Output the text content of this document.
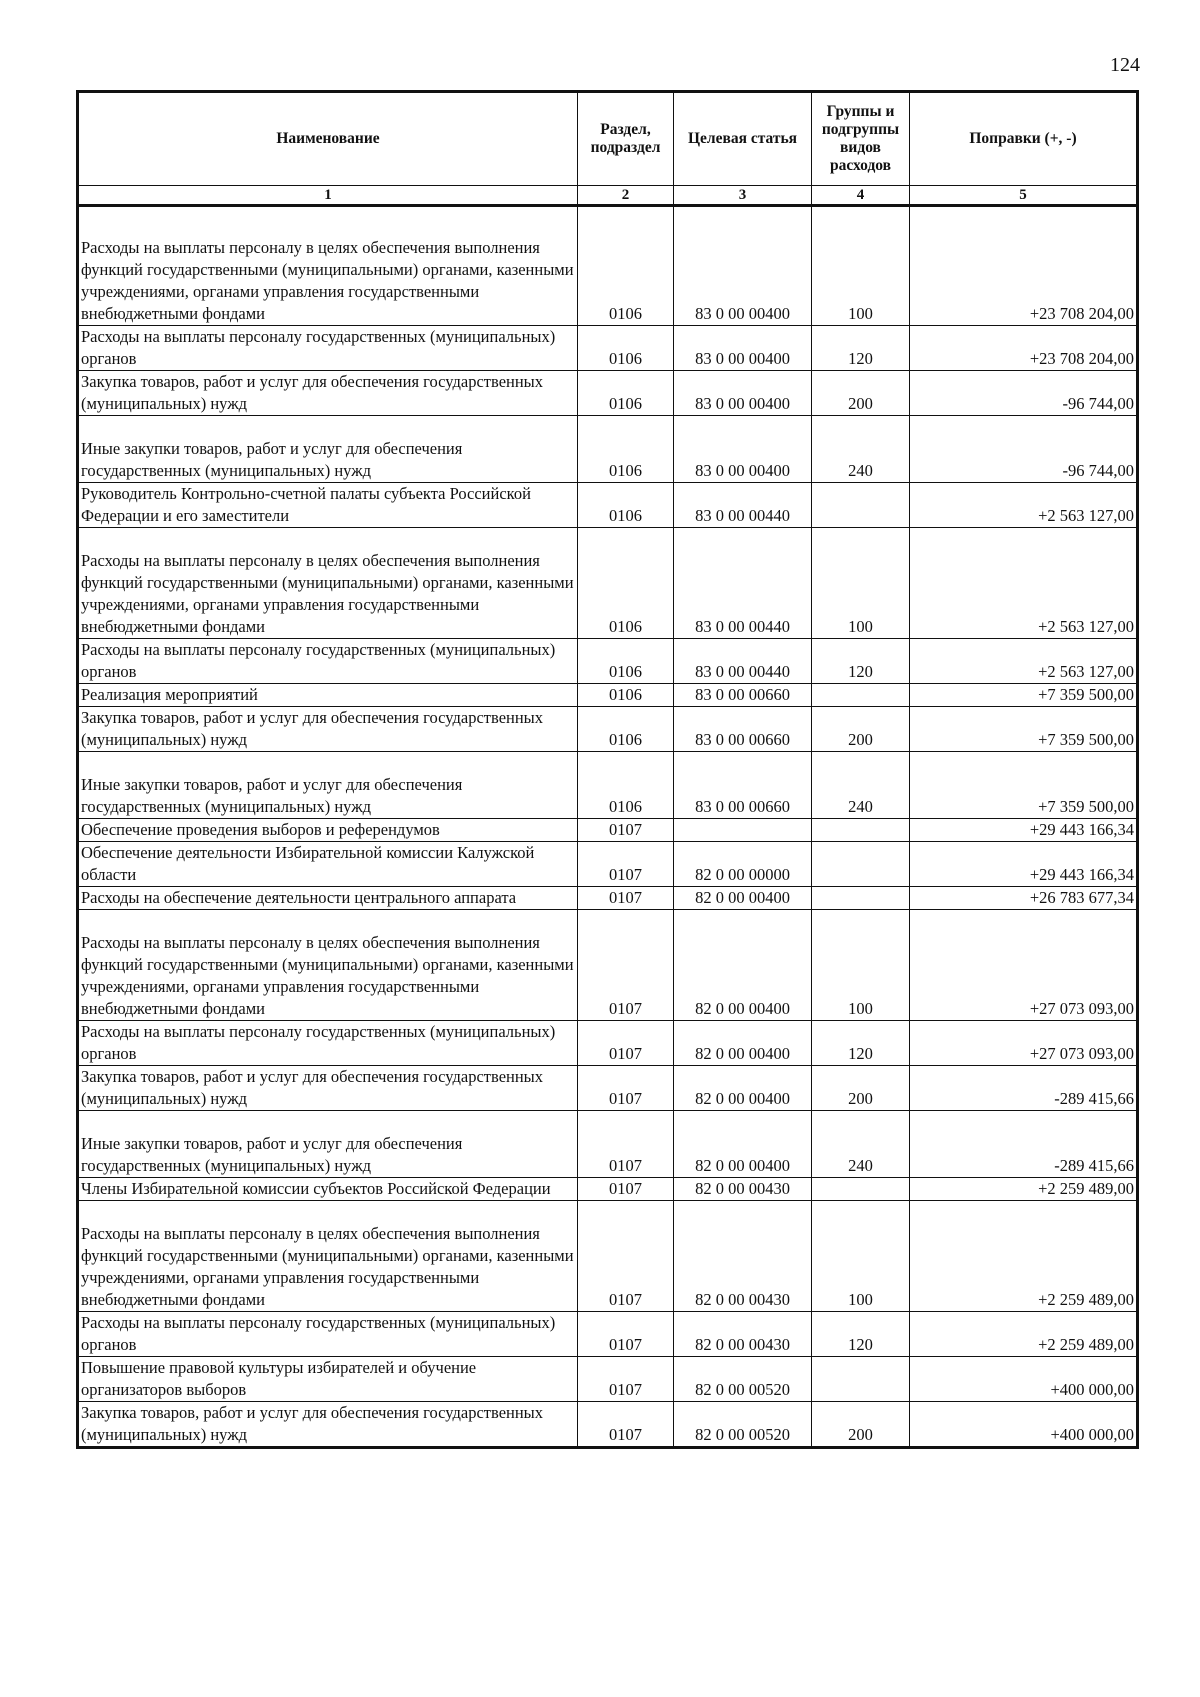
124
Наименование	Раздел, подраздел	Целевая статья	Группы и подгруппы видов расходов	Поправки (+, -)
1	2	3	4	5
Расходы на выплаты персоналу в целях обеспечения выполнения функций государственными (муниципальными) органами, казенными учреждениями, органами управления государственными внебюджетными фондами	0106	83 0 00 00400	100	+23 708 204,00
Расходы на выплаты персоналу государственных (муниципальных) органов	0106	83 0 00 00400	120	+23 708 204,00
Закупка товаров, работ и услуг для обеспечения государственных (муниципальных) нужд	0106	83 0 00 00400	200	-96 744,00
Иные закупки товаров, работ и услуг для обеспечения государственных (муниципальных) нужд	0106	83 0 00 00400	240	-96 744,00
Руководитель Контрольно-счетной палаты субъекта Российской Федерации и его заместители	0106	83 0 00 00440		+2 563 127,00
Расходы на выплаты персоналу в целях обеспечения выполнения функций государственными (муниципальными) органами, казенными учреждениями, органами управления государственными внебюджетными фондами	0106	83 0 00 00440	100	+2 563 127,00
Расходы на выплаты персоналу государственных (муниципальных) органов	0106	83 0 00 00440	120	+2 563 127,00
Реализация мероприятий	0106	83 0 00 00660		+7 359 500,00
Закупка товаров, работ и услуг для обеспечения государственных (муниципальных) нужд	0106	83 0 00 00660	200	+7 359 500,00
Иные закупки товаров, работ и услуг для обеспечения государственных (муниципальных) нужд	0106	83 0 00 00660	240	+7 359 500,00
Обеспечение проведения выборов и референдумов	0107			+29 443 166,34
Обеспечение деятельности Избирательной комиссии Калужской области	0107	82 0 00 00000		+29 443 166,34
Расходы на обеспечение деятельности центрального аппарата	0107	82 0 00 00400		+26 783 677,34
Расходы на выплаты персоналу в целях обеспечения выполнения функций государственными (муниципальными) органами, казенными учреждениями, органами управления государственными внебюджетными фондами	0107	82 0 00 00400	100	+27 073 093,00
Расходы на выплаты персоналу государственных (муниципальных) органов	0107	82 0 00 00400	120	+27 073 093,00
Закупка товаров, работ и услуг для обеспечения государственных (муниципальных) нужд	0107	82 0 00 00400	200	-289 415,66
Иные закупки товаров, работ и услуг для обеспечения государственных (муниципальных) нужд	0107	82 0 00 00400	240	-289 415,66
Члены Избирательной комиссии субъектов Российской Федерации	0107	82 0 00 00430		+2 259 489,00
Расходы на выплаты персоналу в целях обеспечения выполнения функций государственными (муниципальными) органами, казенными учреждениями, органами управления государственными внебюджетными фондами	0107	82 0 00 00430	100	+2 259 489,00
Расходы на выплаты персоналу государственных (муниципальных) органов	0107	82 0 00 00430	120	+2 259 489,00
Повышение правовой культуры избирателей и обучение организаторов выборов	0107	82 0 00 00520		+400 000,00
Закупка товаров, работ и услуг для обеспечения государственных (муниципальных) нужд	0107	82 0 00 00520	200	+400 000,00
